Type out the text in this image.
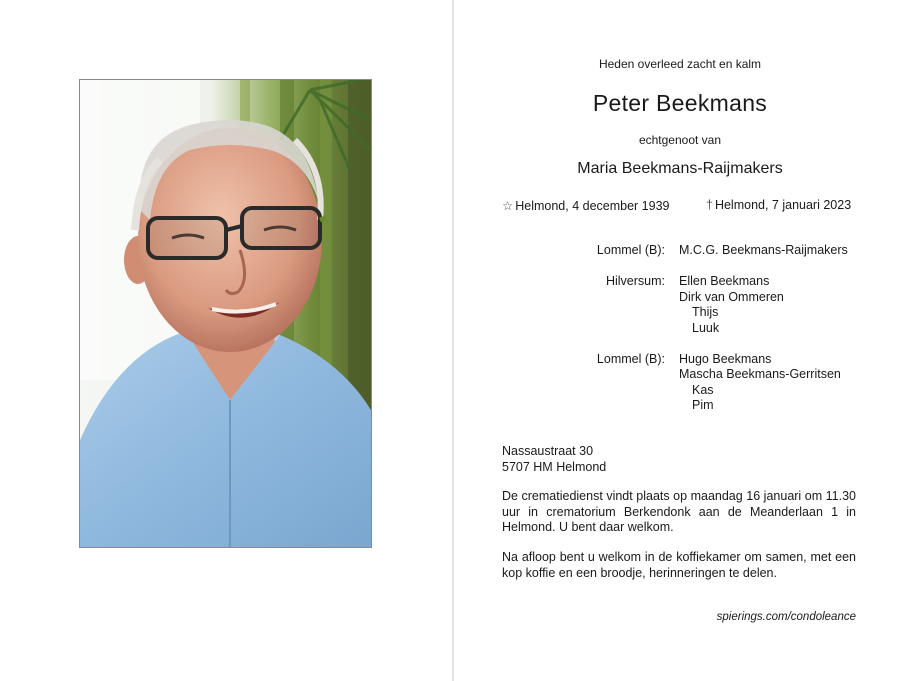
Heden overleed zacht en kalm
Peter Beekmans
echtgenoot van
Maria Beekmans-Raijmakers
☆ Helmond, 4 december 1939	† Helmond, 7 januari 2023
Lommel (B): M.C.G. Beekmans-Raijmakers
Hilversum: Ellen Beekmans
Dirk van Ommeren
Thijs
Luuk
Lommel (B): Hugo Beekmans
Mascha Beekmans-Gerritsen
Kas
Pim
Nassaustraat 30
5707 HM Helmond
De crematiedienst vindt plaats op maandag 16 januari om 11.30 uur in crematorium Berkendonk aan de Meanderlaan 1 in Helmond. U bent daar welkom.
Na afloop bent u welkom in de koffiekamer om samen, met een kop koffie en een broodje, herinneringen te delen.
spierings.com/condoleance
